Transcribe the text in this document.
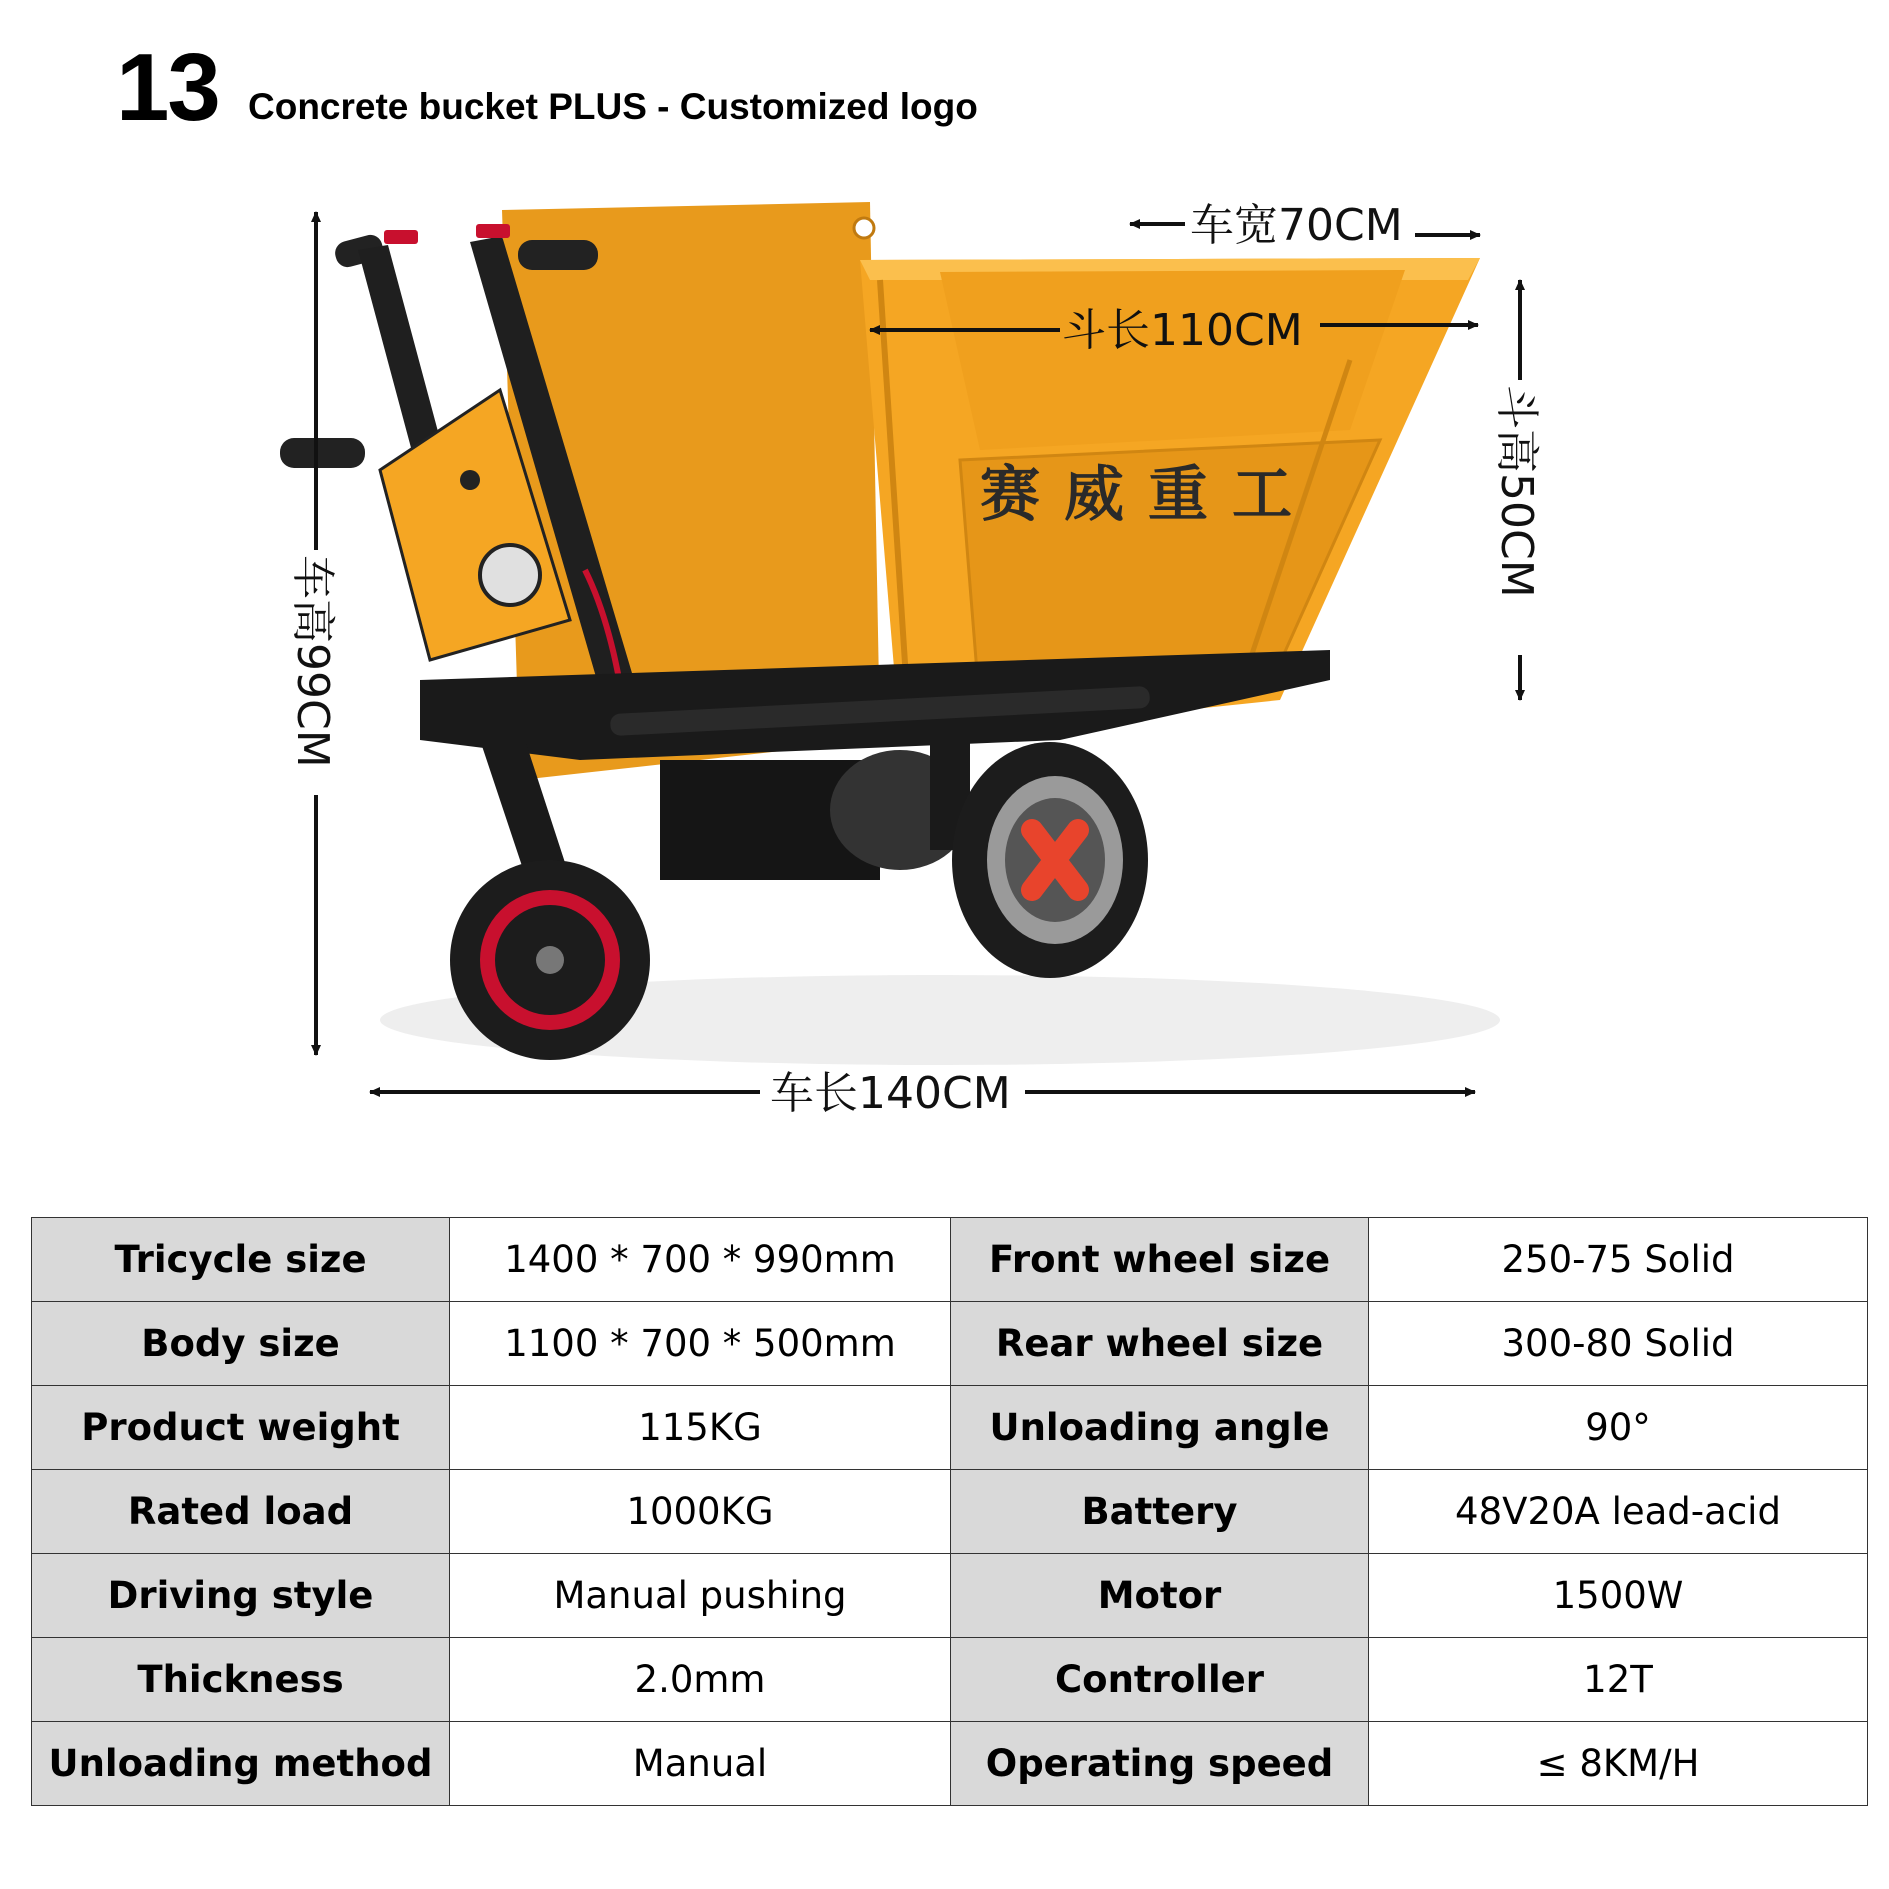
13 Concrete bucket PLUS - Customized logo
赛威重工
车宽70CM
斗长110CM
斗高50CM
车高99CM
车长140CM
Tricycle size	1400 * 700 * 990mm	Front wheel size	250-75 Solid
Body size	1100 * 700 * 500mm	Rear wheel size	300-80 Solid
Product weight	115KG	Unloading angle	90°
Rated load	1000KG	Battery	48V20A lead-acid
Driving style	Manual pushing	Motor	1500W
Thickness	2.0mm	Controller	12T
Unloading method	Manual	Operating speed	≤ 8KM/H
